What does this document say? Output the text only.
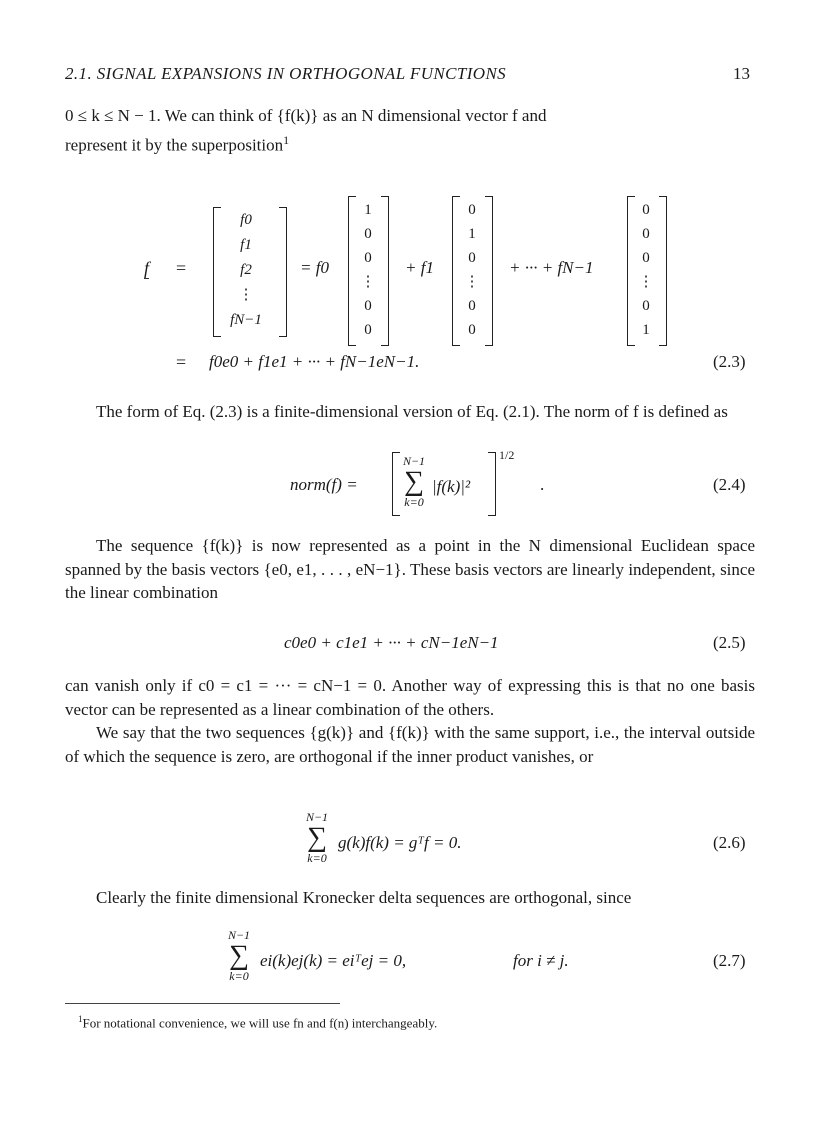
2.1. SIGNAL EXPANSIONS IN ORTHOGONAL FUNCTIONS	13
0 ≤ k ≤ N − 1. We can think of {f(k)} as an N dimensional vector f and
represent it by the superposition$^1$
f =
f0
f1
f2
⋮
fN−1
= f0
1
0
0
⋮
0
0
+ f1
0
1
0
⋮
0
0
+ ··· + fN−1
0
0
0
⋮
0
1
= f0e0 + f1e1 + ··· + fN−1eN−1.	(2.3)
The form of Eq. (2.3) is a finite-dimensional version of Eq. (2.1). The norm of f is defined as
norm(f) =
N−1
∑
k=0
|f(k)|²
1/2
.	(2.4)
The sequence {f(k)} is now represented as a point in the N dimensional Euclidean space spanned by the basis vectors {e0, e1, . . . , eN−1}. These basis vectors are linearly independent, since the linear combination
c0e0 + c1e1 + ··· + cN−1eN−1	(2.5)
can vanish only if c0 = c1 = ··· = cN−1 = 0. Another way of expressing this is that no one basis vector can be represented as a linear combination of the others.
We say that the two sequences {g(k)} and {f(k)} with the same support, i.e., the interval outside of which the sequence is zero, are orthogonal if the inner product vanishes, or
N−1
∑
k=0
g(k)f(k) = gᵀf = 0.	(2.6)
Clearly the finite dimensional Kronecker delta sequences are orthogonal, since
N−1
∑
k=0
ei(k)ej(k) = eiᵀej = 0,	for i ≠ j.	(2.7)
$^1$For notational convenience, we will use fn and f(n) interchangeably.
